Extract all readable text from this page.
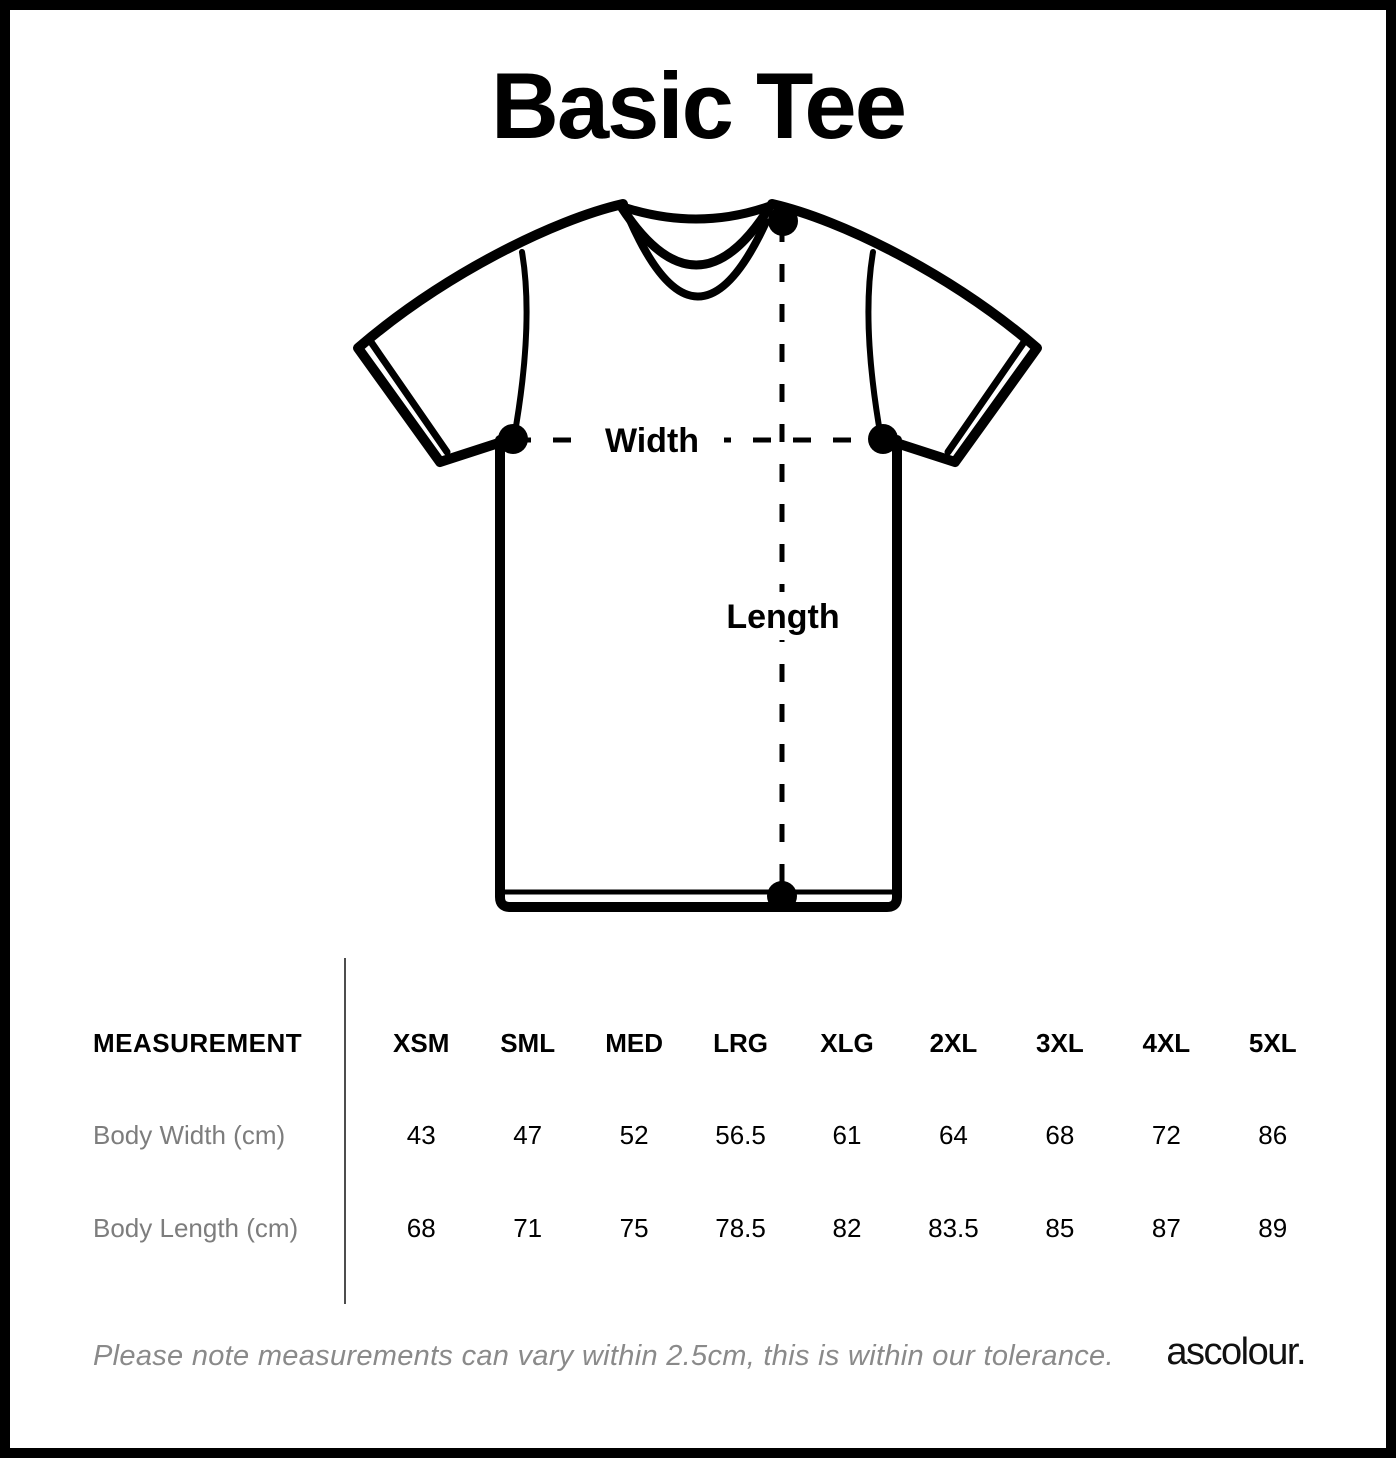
Basic Tee
Width
Length
MEASUREMENT	XSM	SML	MED	LRG	XLG	2XL	3XL	4XL	5XL
Body Width (cm)	43	47	52	56.5	61	64	68	72	86
Body Length (cm)	68	71	75	78.5	82	83.5	85	87	89
Please note measurements can vary within 2.5cm, this is within our tolerance. ascolour.
